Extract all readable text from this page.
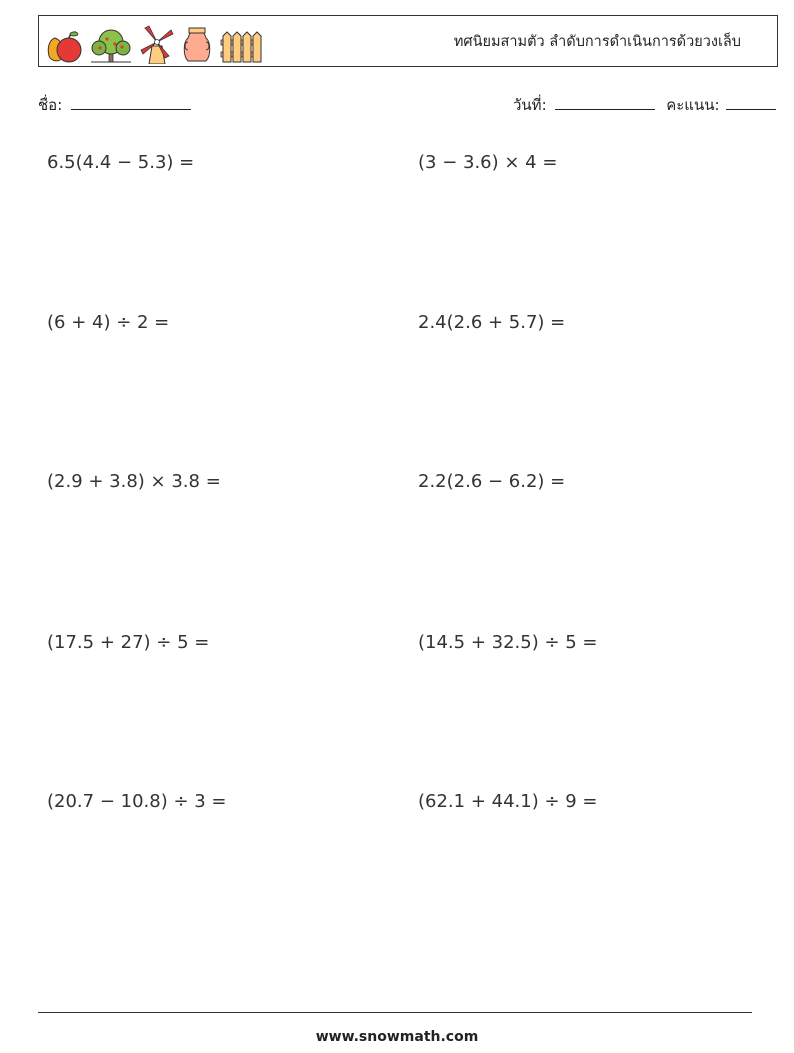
ทศนิยมสามตัว ลำดับการดำเนินการด้วยวงเล็บ
ชื่อ:	วันที่:	คะแนน:
6.5(4.4 − 5.3) =	(3 − 3.6) × 4 =
(6 + 4) ÷ 2 =	2.4(2.6 + 5.7) =
(2.9 + 3.8) × 3.8 =	2.2(2.6 − 6.2) =
(17.5 + 27) ÷ 5 =	(14.5 + 32.5) ÷ 5 =
(20.7 − 10.8) ÷ 3 =	(62.1 + 44.1) ÷ 9 =
www.snowmath.com
